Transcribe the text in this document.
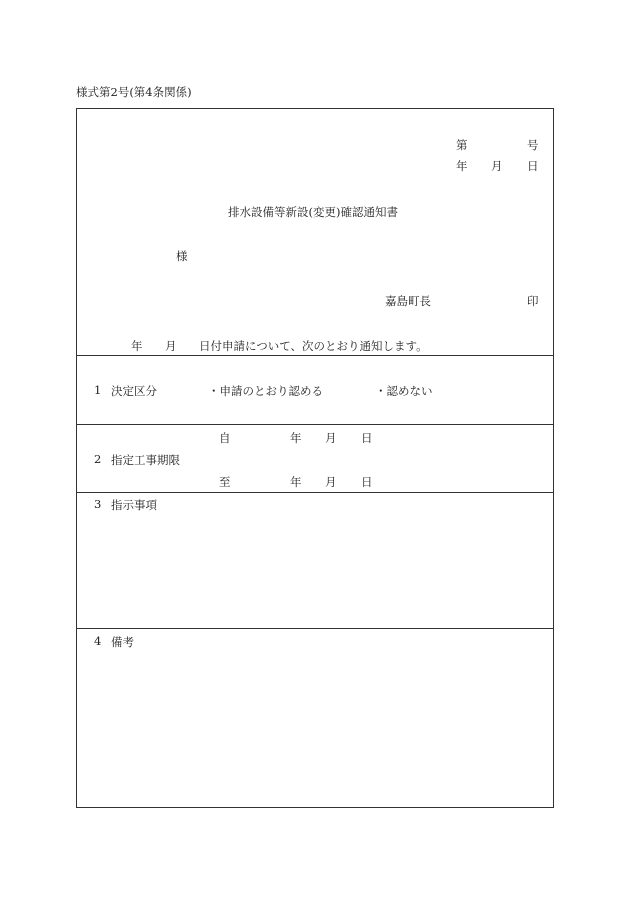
様式第2号(第4条関係)
第	号
年 月 日
排水設備等新設(変更)確認通知書
様
嘉島町長	印
年 月 日付申請について、次のとおり通知します。
1 決定区分	・申請のとおり認める	・認めない
自	年 月 日
2 指定工事期限
至	年 月 日
3 指示事項
4 備考
